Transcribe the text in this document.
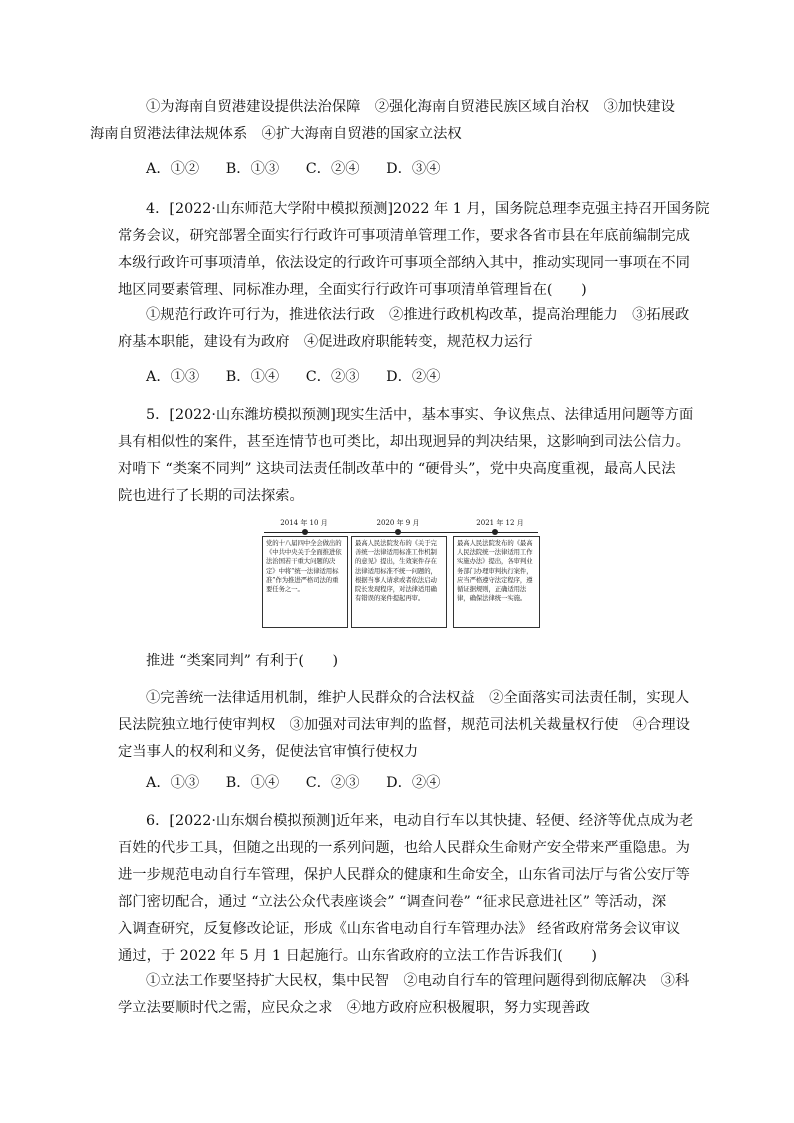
①为海南自贸港建设提供法治保障　②强化海南自贸港民族区域自治权　③加快建设
海南自贸港法律法规体系　④扩大海南自贸港的国家立法权

A．①② B．①③ C．②④ D．③④

4．[2022·山东师范大学附中模拟预测]2022 年 1 月，国务院总理李克强主持召开国务院
常务会议，研究部署全面实行行政许可事项清单管理工作，要求各省市县在年底前编制完成
本级行政许可事项清单，依法设定的行政许可事项全部纳入其中，推动实现同一事项在不同
地区同要素管理、同标准办理，全面实行行政许可事项清单管理旨在(　　)

①规范行政许可行为，推进依法行政　②推进行政机构改革，提高治理能力　③拓展政
府基本职能，建设有为政府　④促进政府职能转变，规范权力运行

A．①③ B．①④ C．②③ D．②④

5．[2022·山东潍坊模拟预测]现实生活中，基本事实、争议焦点、法律适用问题等方面
具有相似性的案件，甚至连情节也可类比，却出现迥异的判决结果，这影响到司法公信力。
对啃下 “类案不同判” 这块司法责任制改革中的 “硬骨头”，党中央高度重视，最高人民法
院也进行了长期的司法探索。

2014 年 10 月
党的十八届四中全会做出的《中共中央关于全面推进依法治国若干重大问题的决定》中将“统一法律适用标准”作为推进严格司法的重要任务之一。
2020 年 9 月
最高人民法院发布的《关于完善统一法律适用标准工作机制的意见》提出，生效案件存在法律适用标准不统一问题的，根据当事人请求或者依法启动院长发现程序，对法律适用确有错误的案件提起再审。
2021 年 12 月
最高人民法院发布的《最高人民法院统一法律适用工作实施办法》提出，各审判业务部门办理审判执行案件，应当严格遵守法定程序，遵循证据规则，正确适用法律，确保法律统一实施。

推进 “类案同判” 有利于(　　)

①完善统一法律适用机制，维护人民群众的合法权益　②全面落实司法责任制，实现人
民法院独立地行使审判权　③加强对司法审判的监督，规范司法机关裁量权行使　④合理设
定当事人的权利和义务，促使法官审慎行使权力

A．①③ B．①④ C．②③ D．②④

6．[2022·山东烟台模拟预测]近年来，电动自行车以其快捷、轻便、经济等优点成为老
百姓的代步工具，但随之出现的一系列问题，也给人民群众生命财产安全带来严重隐患。为
进一步规范电动自行车管理，保护人民群众的健康和生命安全，山东省司法厅与省公安厅等
部门密切配合，通过 “立法公众代表座谈会” “调查问卷” “征求民意进社区” 等活动，深
入调查研究，反复修改论证，形成《山东省电动自行车管理办法》 经省政府常务会议审议
通过，于 2022 年 5 月 1 日起施行。山东省政府的立法工作告诉我们(　　)

①立法工作要坚持扩大民权，集中民智　②电动自行车的管理问题得到彻底解决　③科
学立法要顺时代之需，应民众之求　④地方政府应积极履职，努力实现善政
